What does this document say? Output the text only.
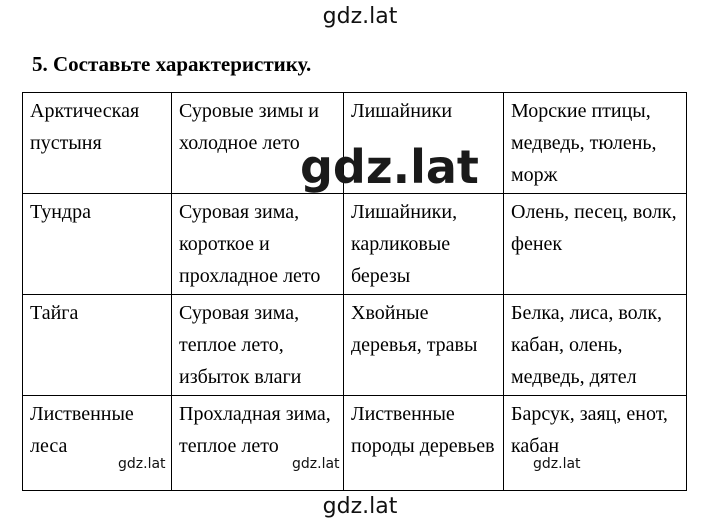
gdz.lat
5. Составьте характеристику.
Арктическая пустыня	Суровые зимы и холодное лето	Лишайники	Морские птицы, медведь, тюлень, морж
Тундра	Суровая зима, короткое и прохладное лето	Лишайники, карликовые березы	Олень, песец, волк, фенек
Тайга	Суровая зима, теплое лето, избыток влаги	Хвойные деревья, травы	Белка, лиса, волк, кабан, олень, медведь, дятел
Лиственные леса	Прохладная зима, теплое лето	Лиственные породы деревьев	Барсук, заяц, енот, кабан
gdz.lat
gdz.lat	gdz.lat	gdz.lat
gdz.lat
